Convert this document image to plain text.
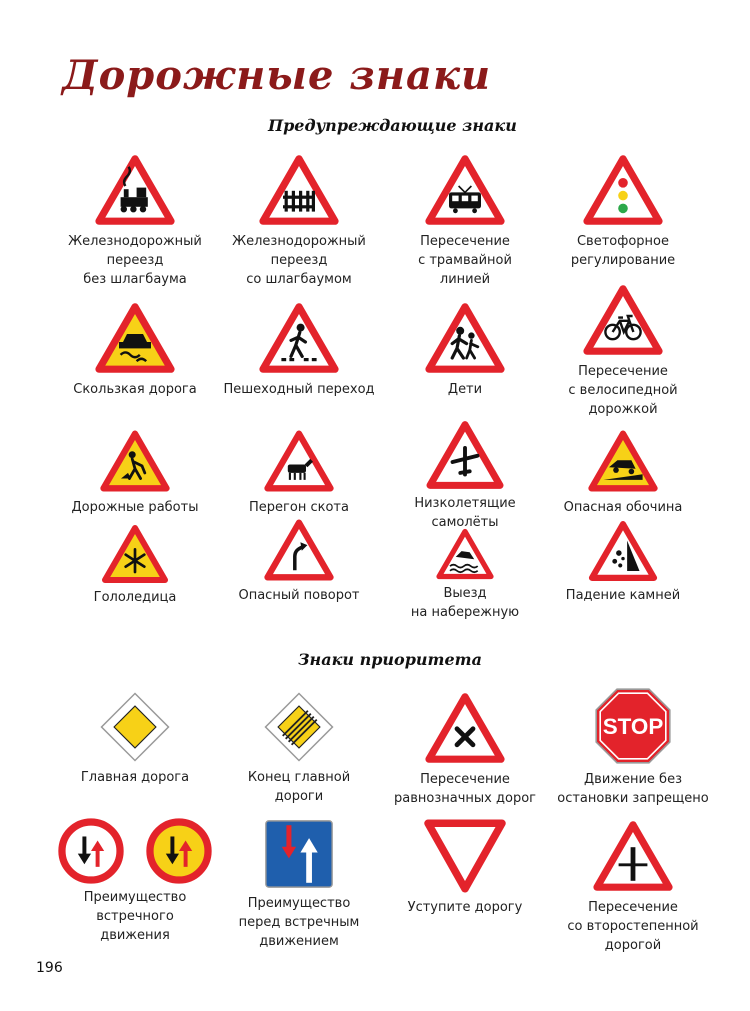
Дорожные знаки
Предупреждающие знаки
Железнодорожный
переезд
без шлагбаума
Железнодорожный
переезд
со шлагбаумом
Пересечение
с трамвайной
линией
Светофорное
регулирование
Скользкая дорога	Пешеходный переход	Дети
Пересечение
с велосипедной
дорожкой
Дорожные работы	Перегон скота	Низколетящие
самолёты
Опасная обочина
Гололедица	Опасный поворот	Выезд
на набережную
Падение камней
Знаки приоритета
Главная дорога	Конец главной
дороги
Пересечение
равнозначных дорог
STOP
Движение без
остановки запрещено
Преимущество
встречного
движения
Преимущество
перед встречным
движением
Уступите дорогу	Пересечение
со второстепенной
дорогой
196
